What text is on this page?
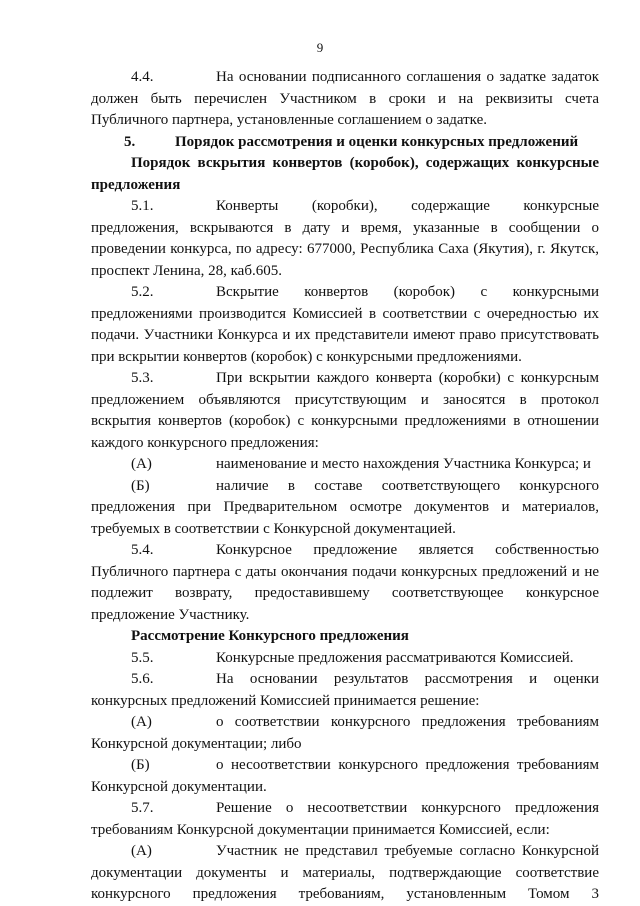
9

4.4.	На основании подписанного соглашения о задатке задаток должен быть перечислен Участником в сроки и на реквизиты счета Публичного партнера, установленные соглашением о задатке.

5.	Порядок рассмотрения и оценки конкурсных предложений

Порядок вскрытия конвертов (коробок), содержащих конкурсные предложения

5.1.	Конверты (коробки), содержащие конкурсные предложения, вскрываются в дату и время, указанные в сообщении о проведении конкурса, по адресу: 677000, Республика Саха (Якутия), г. Якутск, проспект Ленина, 28, каб.605.

5.2.	Вскрытие конвертов (коробок) с конкурсными предложениями производится Комиссией в соответствии с очередностью их подачи. Участники Конкурса и их представители имеют право присутствовать при вскрытии конвертов (коробок) с конкурсными предложениями.

5.3.	При вскрытии каждого конверта (коробки) с конкурсным предложением объявляются присутствующим и заносятся в протокол вскрытия конвертов (коробок) с конкурсными предложениями в отношении каждого конкурсного предложения:

(А)	наименование и место нахождения Участника Конкурса; и

(Б)	наличие в составе соответствующего конкурсного предложения при Предварительном осмотре документов и материалов, требуемых в соответствии с Конкурсной документацией.

5.4.	Конкурсное предложение является собственностью Публичного партнера с даты окончания подачи конкурсных предложений и не подлежит возврату, предоставившему соответствующее конкурсное предложение Участнику.

Рассмотрение Конкурсного предложения

5.5.	Конкурсные предложения рассматриваются Комиссией.

5.6.	На основании результатов рассмотрения и оценки конкурсных предложений Комиссией принимается решение:

(А)	о соответствии конкурсного предложения требованиям Конкурсной документации; либо

(Б)	о несоответствии конкурсного предложения требованиям Конкурсной документации.

5.7.	Решение о несоответствии конкурсного предложения требованиям Конкурсной документации принимается Комиссией, если:

(А)	Участник не представил требуемые согласно Конкурсной документации документы и материалы, подтверждающие соответствие конкурсного предложения требованиям, установленным Томом 3
